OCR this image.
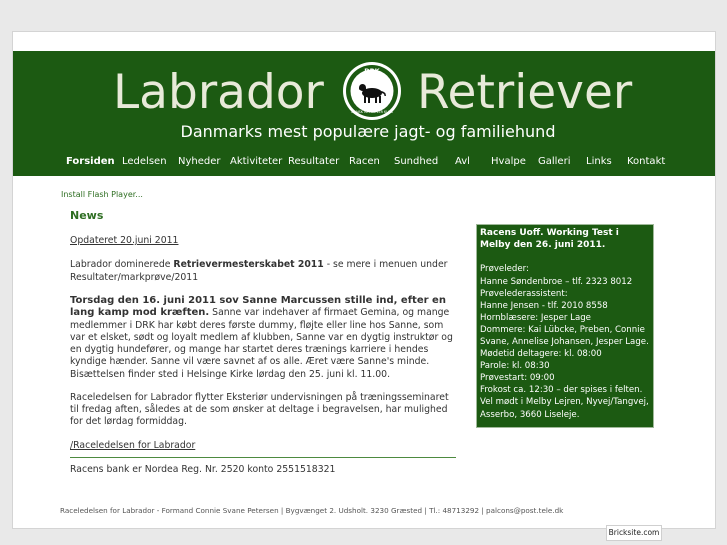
Labrador Retriever
DRK
DANSK RETRIEVER KLUB
Danmarks mest populære jagt- og familiehund
Forsiden Ledelsen Nyheder Aktiviteter Resultater Racen Sundhed Avl Hvalpe Galleri Links Kontakt
Install Flash Player...
News
Opdateret 20.juni 2011
Labrador dominerede Retrievermesterskabet 2011 - se mere i menuen under Resultater/markprøve/2011
Torsdag den 16. juni 2011 sov Sanne Marcussen stille ind, efter en lang kamp mod kræften. Sanne var indehaver af firmaet Gemina, og mange medlemmer i DRK har købt deres første dummy, fløjte eller line hos Sanne, som var et elsket, sødt og loyalt medlem af klubben, Sanne var en dygtig instruktør og en dygtig hundefører, og mange har startet deres trænings karriere i hendes kyndige hænder. Sanne vil være savnet af os alle. Æret være Sanne's minde.
Bisættelsen finder sted i Helsinge Kirke lørdag den 25. juni kl. 11.00.
Raceledelsen for Labrador flytter Eksteriør undervisningen på træningsseminaret til fredag aften, således at de som ønsker at deltage i begravelsen, har mulighed for det lørdag formiddag.
/Raceledelsen for Labrador
Racens bank er Nordea Reg. Nr. 2520 konto 2551518321
Racens Uoff. Working Test i Melby den 26. juni 2011.
Prøveleder:
Hanne Søndenbroe – tlf. 2323 8012
Prøvelederassistent:
Hanne Jensen - tlf. 2010 8558
Hornblæsere: Jesper Lage
Dommere: Kai Lübcke, Preben, Connie Svane, Annelise Johansen, Jesper Lage.
Mødetid deltagere: kl. 08:00
Parole: kl. 08:30
Prøvestart: 09:00
Frokost ca. 12:30 – der spises i felten.
Vel mødt i Melby Lejren, Nyvej/Tangvej, Asserbo, 3660 Liseleje.
Raceledelsen for Labrador - Formand Connie Svane Petersen | Bygvænget 2. Udsholt. 3230 Græsted | Tl.: 48713292 | palcons@post.tele.dk
Bricksite.com
